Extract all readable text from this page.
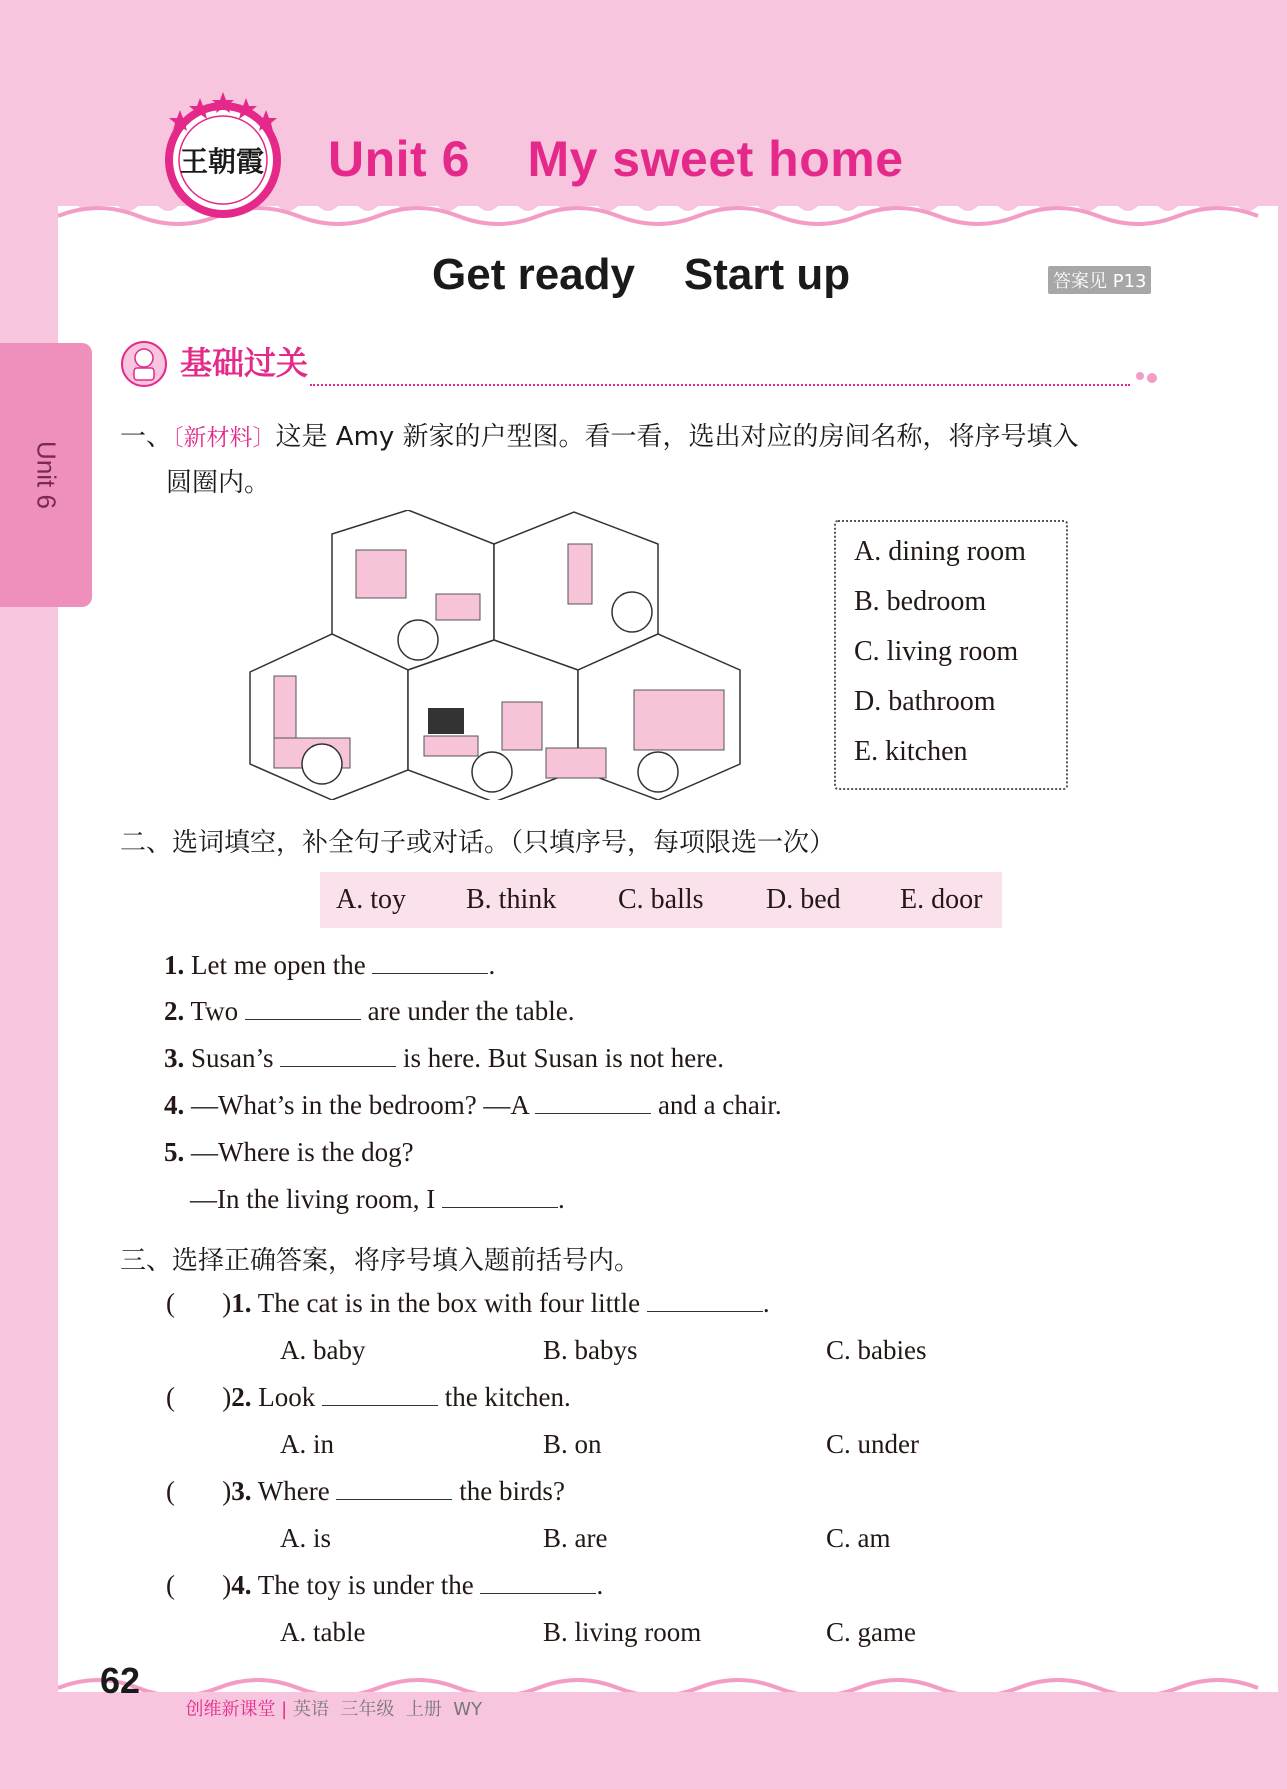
王朝霞 Unit 6    My sweet home
Unit 6
Get ready    Start up	答案见 P13
基础过关
一、〔新材料〕这是 Amy 新家的户型图。看一看，选出对应的房间名称，将序号填入
圆圈内。
A. dining room
B. bedroom
C. living room
D. bathroom
E. kitchen
二、选词填空，补全句子或对话。（只填序号，每项限选一次）
A. toy B. think C. balls D. bed E. door
1. Let me open the	.
2. Two	are under the table.
3. Susan’s	is here. But Susan is not here.
4. —What’s in the bedroom? —A	and a chair.
5. —Where is the dog?
—In the living room, I	.
三、选择正确答案，将序号填入题前括号内。
(       )1. The cat is in the box with four little	.
A. baby	B. babys	C. babies
(       )2. Look	the kitchen.
A. in	B. on	C. under
(       )3. Where	the birds?
A. is	B. are	C. am
(       )4. The toy is under the	.
A. table	B. living room	C. game
62

创维新课堂 | 英语  三年级  上册  WY
